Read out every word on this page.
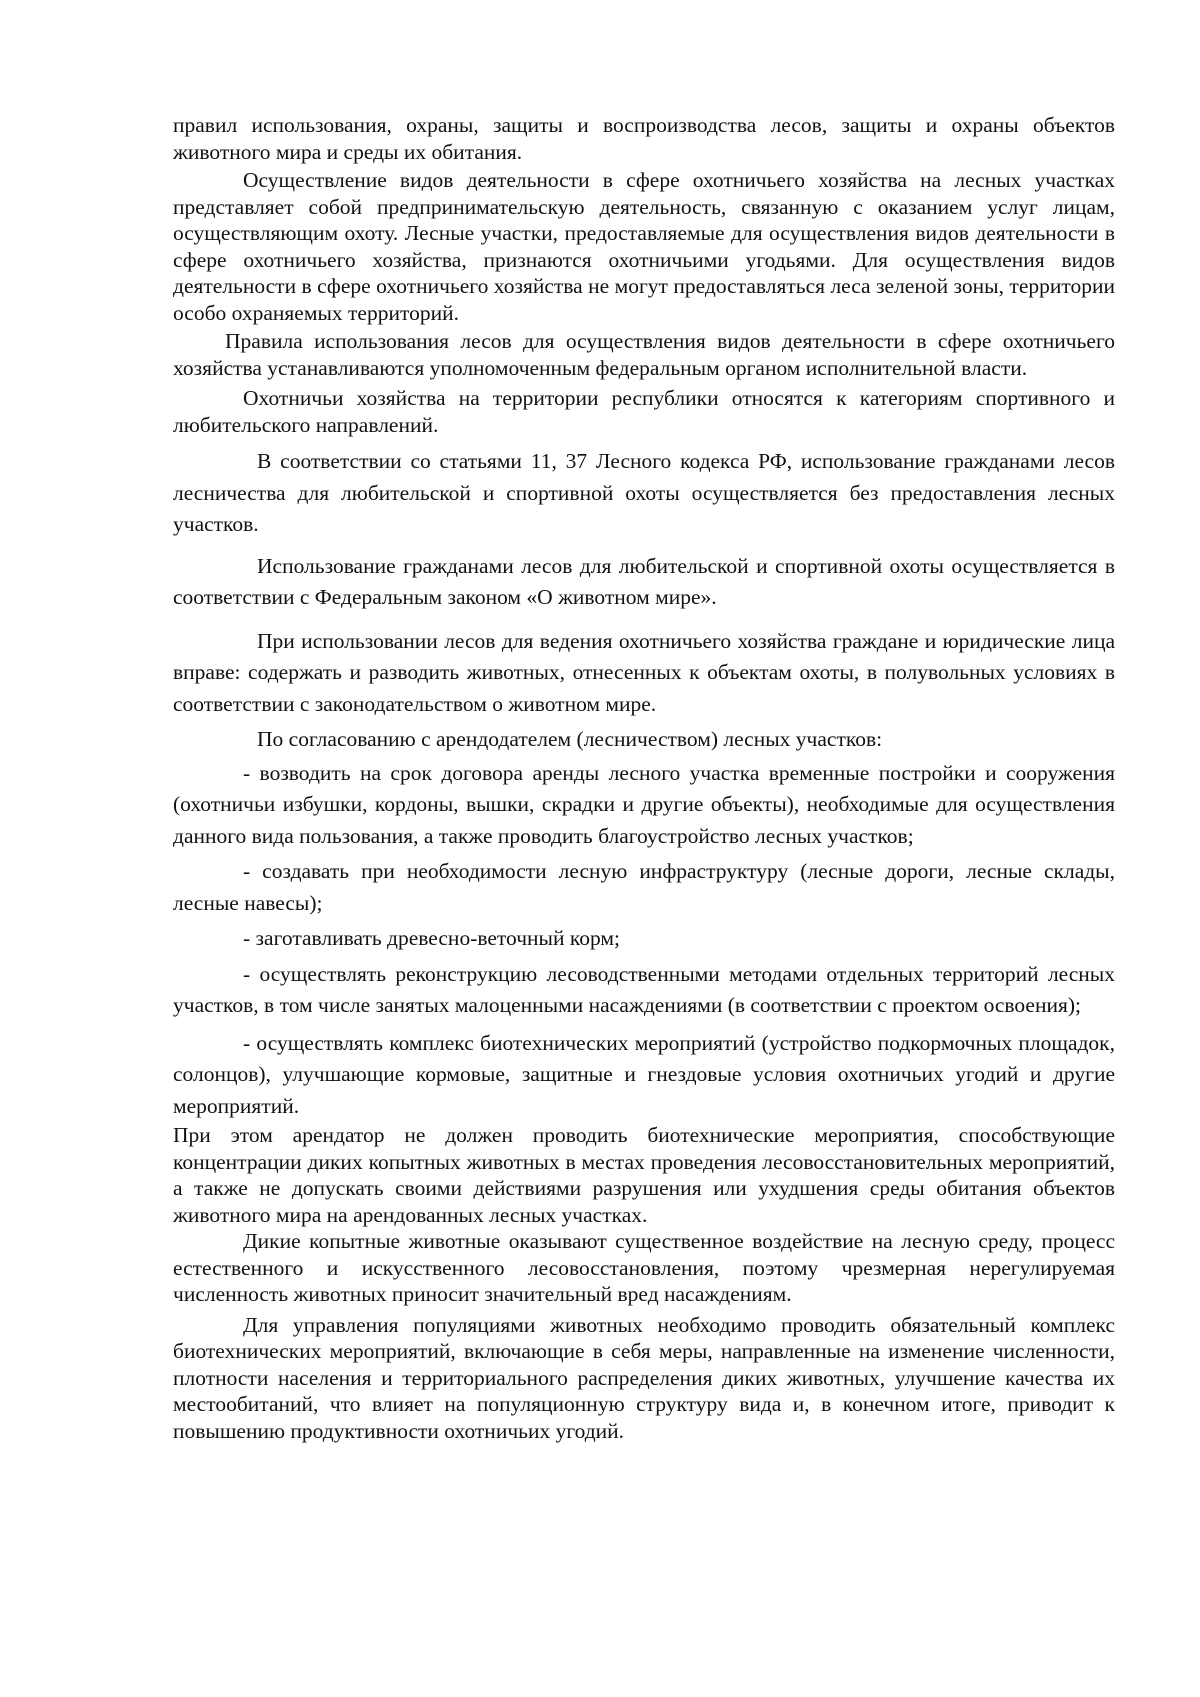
правил использования, охраны, защиты и воспроизводства лесов, защиты и охраны объектов животного мира и среды их обитания.

Осуществление видов деятельности в сфере охотничьего хозяйства на лесных участках представляет собой предпринимательскую деятельность, связанную с оказанием услуг лицам, осуществляющим охоту. Лесные участки, предоставляемые для осуществления видов деятельности в сфере охотничьего хозяйства, признаются охотничьими угодьями. Для осуществления видов деятельности в сфере охотничьего хозяйства не могут предоставляться леса зеленой зоны, территории особо охраняемых территорий.

Правила использования лесов для осуществления видов деятельности в сфере охотничьего хозяйства устанавливаются уполномоченным федеральным органом исполнительной власти.

Охотничьи хозяйства на территории республики относятся к категориям спортивного и любительского направлений.

В соответствии со статьями 11, 37 Лесного кодекса РФ, использование гражданами лесов лесничества для любительской и спортивной охоты осуществляется без предоставления лесных участков.

Использование гражданами лесов для любительской и спортивной охоты осуществляется в соответствии с Федеральным законом «О животном мире».

При использовании лесов для ведения охотничьего хозяйства граждане и юридические лица вправе: содержать и разводить животных, отнесенных к объектам охоты, в полувольных условиях в соответствии с законодательством о животном мире.

По согласованию с арендодателем (лесничеством) лесных участков:

- возводить на срок договора аренды лесного участка временные постройки и сооружения (охотничьи избушки, кордоны, вышки, скрадки и другие объекты), необходимые для осуществления данного вида пользования, а также проводить благоустройство лесных участков;

- создавать при необходимости лесную инфраструктуру (лесные дороги, лесные склады, лесные навесы);

- заготавливать древесно-веточный корм;

- осуществлять реконструкцию лесоводственными методами отдельных территорий лесных участков, в том числе занятых малоценными насаждениями (в соответствии с проектом освоения);

- осуществлять комплекс биотехнических мероприятий (устройство подкормочных площадок, солонцов), улучшающие кормовые, защитные и гнездовые условия охотничьих угодий и другие мероприятий.

При этом арендатор не должен проводить биотехнические мероприятия, способствующие концентрации диких копытных животных в местах проведения лесовосстановительных мероприятий, а также не допускать своими действиями разрушения или ухудшения среды обитания объектов животного мира на арендованных лесных участках.

Дикие копытные животные оказывают существенное воздействие на лесную среду, процесс естественного и искусственного лесовосстановления, поэтому чрезмерная нерегулируемая численность животных приносит значительный вред насаждениям.

Для управления популяциями животных необходимо проводить обязательный комплекс биотехнических мероприятий, включающие в себя меры, направленные на изменение численности, плотности населения и территориального распределения диких животных, улучшение качества их местообитаний, что влияет на популяционную структуру вида и, в конечном итоге, приводит к повышению продуктивности охотничьих угодий.
